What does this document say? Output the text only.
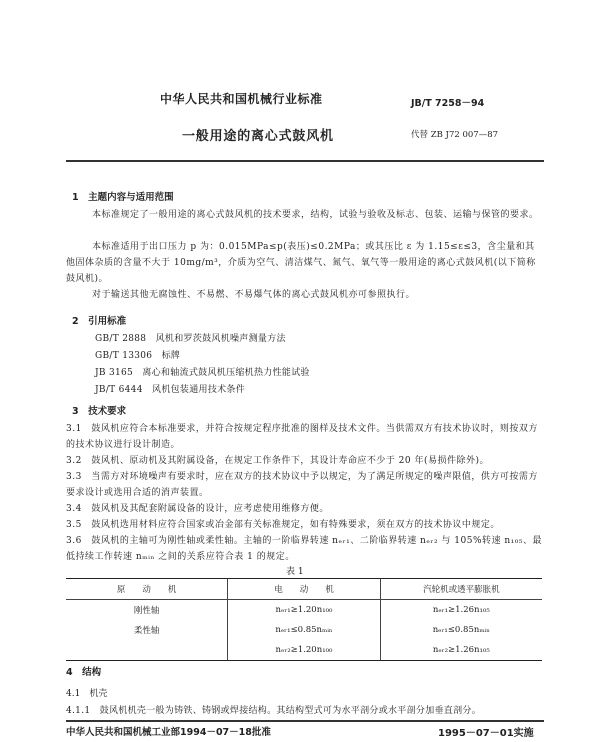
中华人民共和国机械行业标准	JB/T 7258－94
一般用途的离心式鼓风机	代替 ZB J72 007—87
1　主题内容与适用范围
本标准规定了一般用途的离心式鼓风机的技术要求，结构，试验与验收及标志、包装、运输与保管的要求。
本标准适用于出口压力 p 为：0.015MPa≤p(表压)≤0.2MPa；或其压比 ε 为 1.15≤ε≤3，含尘量和其他固体杂质的含量不大于 10mg/m³，介质为空气、清洁煤气、氮气、氧气等一般用途的离心式鼓风机(以下简称鼓风机)。
对于输送其他无腐蚀性、不易燃、不易爆气体的离心式鼓风机亦可参照执行。
2　引用标准
GB/T 2888　风机和罗茨鼓风机噪声测量方法
GB/T 13306　标牌
JB 3165　离心和轴流式鼓风机压缩机热力性能试验
JB/T 6444　风机包装通用技术条件
3　技术要求
3.1　鼓风机应符合本标准要求，并符合按规定程序批准的图样及技术文件。当供需双方有技术协议时，则按双方的技术协议进行设计制造。
3.2　鼓风机、原动机及其附属设备，在规定工作条件下，其设计寿命应不少于 20 年(易损件除外)。
3.3　当需方对环境噪声有要求时，应在双方的技术协议中予以规定，为了满足所规定的噪声限值，供方可按需方要求设计或选用合适的消声装置。
3.4　鼓风机及其配套附属设备的设计，应考虑使用维修方便。
3.5　鼓风机选用材料应符合国家或冶金部有关标准规定，如有特殊要求，须在双方的技术协议中规定。
3.6　鼓风机的主轴可为刚性轴或柔性轴。主轴的一阶临界转速 nₑᵣ₁、二阶临界转速 nₑᵣ₂ 与 105%转速 n₁₀₅、最低持续工作转速 nₘᵢₙ 之间的关系应符合表 1 的规定。
表 1
原　　动　　机	电　　动　　机	汽轮机或透平膨胀机
刚性轴	nₑᵣ₁≥1.20n₁₀₀	nₑᵣ₁≥1.26n₁₀₅
柔性轴	nₑᵣ₁≤0.85nₘᵢₙ	nₑᵣ₁≤0.85nₘᵢₙ
	nₑᵣ₂≥1.20n₁₀₀	nₑᵣ₂≥1.26n₁₀₅
4　结构
4.1　机壳
4.1.1　鼓风机机壳一般为铸铁、铸钢或焊接结构。其结构型式可为水平剖分或水平剖分加垂直剖分。
中华人民共和国机械工业部1994－07－18批准	1995－07－01实施
